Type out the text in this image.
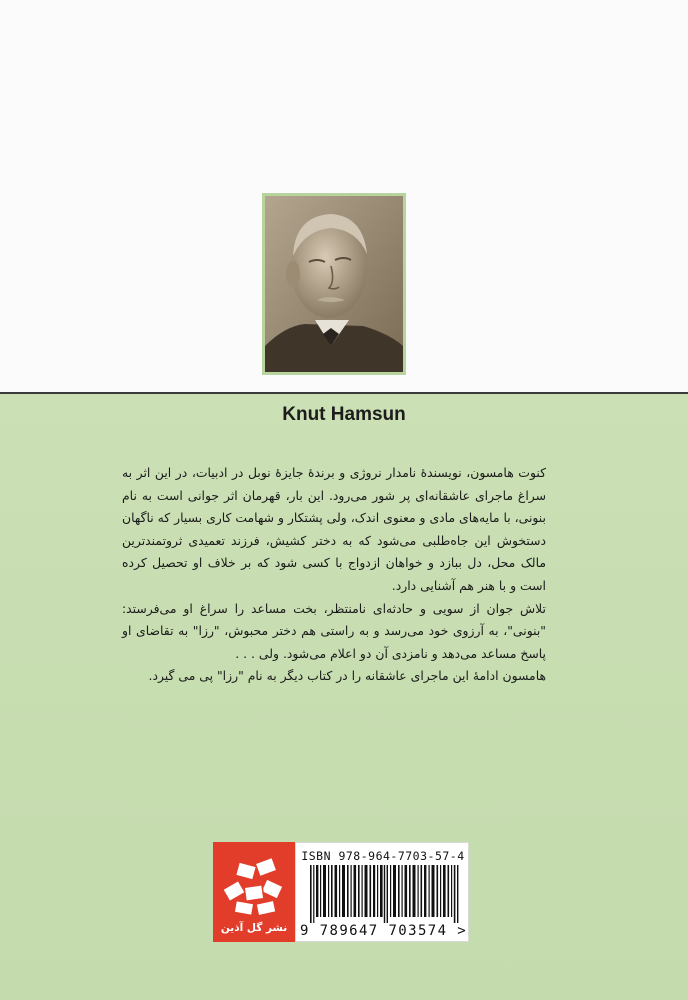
Knut Hamsun

کنوت هامسون، نویسندهٔ نامدار نروژی و برندهٔ جایزهٔ نوبل در ادبیات، در این اثر به سراغ ماجرای عاشقانه‌ای پر شور می‌رود. این بار، قهرمان اثر جوانی است به نام بنونی، با مایه‌های مادی و معنوی اندک، ولی پشتکار و شهامت کاری بسیار که ناگهان دستخوش این جاه‌طلبی می‌شود که به دختر کشیش، فرزند تعمیدی ثروتمندترین مالک محل، دل ببازد و خواهان ازدواج با کسی شود که بر خلاف او تحصیل کرده است و با هنر هم آشنایی دارد.

تلاش جوان از سویی و حادثه‌ای نامنتظر، بخت مساعد را سراغ او می‌فرستد: "بنونی"، به آرزوی خود می‌رسد و به راستی هم دختر محبوش، "رزا" به تقاضای او پاسخ مساعد می‌دهد و نامزدی آن دو اعلام می‌شود. ولی . . .

هامسون ادامهٔ این ماجرای عاشقانه را در کتاب دیگر به نام "رزا" پی می گیرد.

نشر گل آذین
ISBN 978-964-7703-57-4
9 789647 703574 >
